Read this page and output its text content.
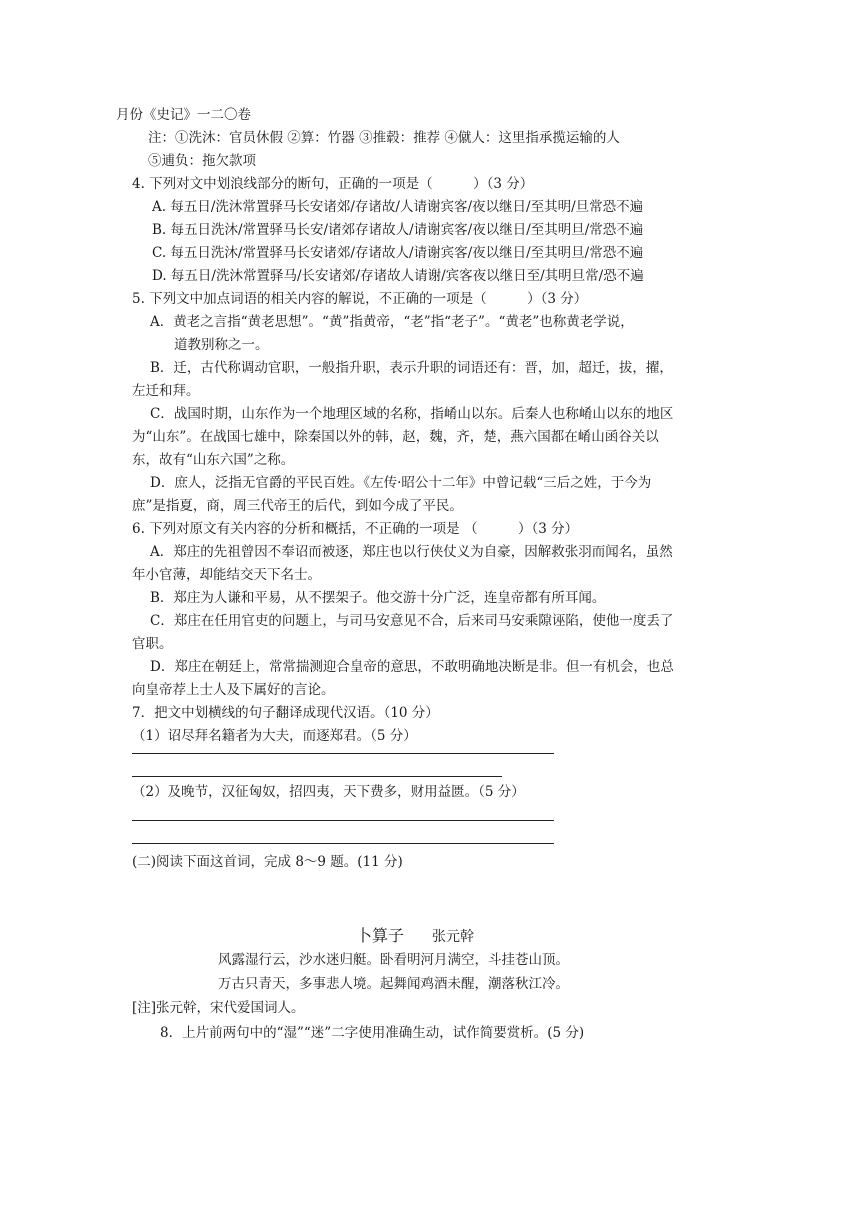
月份《史记》一二〇卷
注：①洗沐：官员休假 ②算：竹器 ③推毂：推荐 ④僦人：这里指承揽运输的人
⑤逋负：拖欠款项
4. 下列对文中划浪线部分的断句，正确的一项是（　　　）（3 分）
A. 每五日/洗沐常置驿马长安诸郊/存诸故/人请谢宾客/夜以继日/至其明/旦常恐不遍
B. 每五日洗沐/常置驿马长安/诸郊存诸故人/请谢宾客/夜以继日/至其明旦/常恐不遍
C. 每五日洗沐/常置驿马长安诸郊/存诸故人/请谢宾客/夜以继日/至其明旦/常恐不遍
D. 每五日/洗沐常置驿马/长安诸郊/存诸故人请谢/宾客夜以继日至/其明旦常/恐不遍
5. 下列文中加点词语的相关内容的解说，不正确的一项是（　　　）（3 分）
A．黄老之言指“黄老思想”。“黄”指黄帝，“老”指“老子”。“黄老”也称黄老学说，
道教别称之一。
B．迁，古代称调动官职，一般指升职，表示升职的词语还有：晋，加，超迁，拔，擢，
左迁和拜。
C．战国时期，山东作为一个地理区域的名称，指崤山以东。后秦人也称崤山以东的地区
为“山东”。在战国七雄中，除秦国以外的韩，赵，魏，齐，楚，燕六国都在崤山函谷关以
东，故有“山东六国”之称。
D．庶人，泛指无官爵的平民百姓。《左传·昭公十二年》中曾记载“三后之姓，于今为
庶”是指夏，商，周三代帝王的后代，到如今成了平民。
6. 下列对原文有关内容的分析和概括，不正确的一项是 （　　　）（3 分）
A．郑庄的先祖曾因不奉诏而被逐，郑庄也以行侠仗义为自豪，因解救张羽而闻名，虽然
年小官薄，却能结交天下名士。
B．郑庄为人谦和平易，从不摆架子。他交游十分广泛，连皇帝都有所耳闻。
C．郑庄在任用官吏的问题上，与司马安意见不合，后来司马安乘隙诬陷，使他一度丢了
官职。
D．郑庄在朝廷上，常常揣测迎合皇帝的意思，不敢明确地决断是非。但一有机会，也总
向皇帝荐上士人及下属好的言论。
7．把文中划横线的句子翻译成现代汉语。（10 分）
（1）诏尽拜名籍者为大夫，而逐郑君。（5 分）
（2）及晚节，汉征匈奴，招四夷，天下费多，财用益匮。（5 分）
(二)阅读下面这首词，完成 8～9 题。(11 分)
卜算子 张元幹
风露湿行云，沙水迷归艇。卧看明河月满空，斗挂苍山顶。
万古只青天，多事悲人境。起舞闻鸡酒未醒，潮落秋江冷。
[注]张元幹，宋代爱国词人。
8．上片前两句中的“湿”“迷”二字使用准确生动，试作简要赏析。(5 分)
